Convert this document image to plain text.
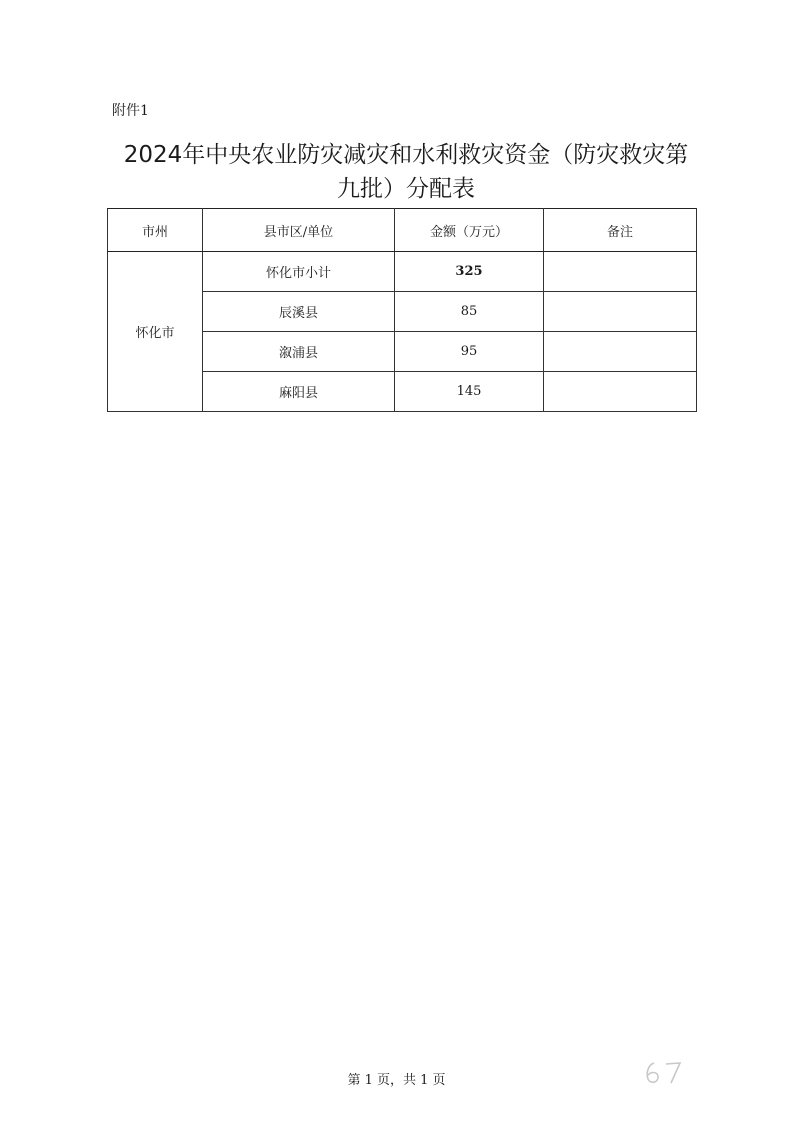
附件1
2024年中央农业防灾减灾和水利救灾资金（防灾救灾第
九批）分配表
市州	县市区/单位	金额（万元）	备注
怀化市	怀化市小计	325	
	辰溪县	85	
	溆浦县	95	
	麻阳县	145	
第 1 页，共 1 页
